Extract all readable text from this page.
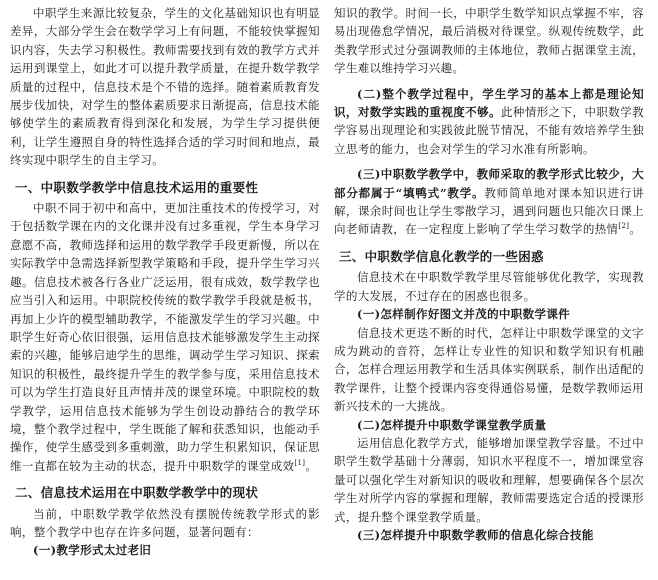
中职学生来源比较复杂，学生的文化基础知识也有明显差异，大部分学生会在数学学习上有问题，不能较快掌握知识内容，失去学习积极性。教师需要找到有效的教学方式并运用到课堂上，如此才可以提升教学质量，在提升数学教学质量的过程中，信息技术是个不错的选择。随着素质教育发展步伐加快，对学生的整体素质要求日渐提高，信息技术能够使学生的素质教育得到深化和发展，为学生学习提供便利，让学生遵照自身的特性选择合适的学习时间和地点，最终实现中职学生的自主学习。

一、中职数学教学中信息技术运用的重要性

中职不同于初中和高中，更加注重技术的传授学习，对于包括数学课在内的文化课并没有过多重视，学生本身学习意愿不高，教师选择和运用的数学教学手段更新慢，所以在实际教学中急需选择新型教学策略和手段，提升学生学习兴趣。信息技术被各行各业广泛运用，很有成效，数学教学也应当引入和运用。中职院校传统的数学教学手段就是板书，再加上少许的模型辅助教学，不能激发学生的学习兴趣。中职学生好奇心依旧很强，运用信息技术能够激发学生主动探索的兴趣，能够启迪学生的思维，调动学生学习知识、探索知识的积极性，最终提升学生的教学参与度，采用信息技术可以为学生打造良好且声情并茂的课堂环境。中职院校的数学教学，运用信息技术能够为学生创设动静结合的教学环境，整个教学过程中，学生既能了解和获悉知识，也能动手操作，使学生感受到多重刺激，助力学生积累知识，保证思维一直都在较为主动的状态，提升中职数学的课堂成效[1]。

二、信息技术运用在中职数学教学中的现状

当前，中职数学教学依然没有摆脱传统教学形式的影响，整个教学中也存在许多问题，显著问题有：

(一)教学形式太过老旧

知识的教学。时间一长，中职学生数学知识点掌握不牢，容易出现倦怠学情况，最后消极对待课堂。纵观传统数学，此类教学形式过分强调教师的主体地位，教师占据课堂主流，学生难以维持学习兴趣。

(二)整个教学过程中，学生学习的基本上都是理论知识，对数学实践的重视度不够。此种情形之下，中职数学教学容易出现理论和实践彼此脱节情况，不能有效培养学生独立思考的能力，也会对学生的学习水准有所影响。

(三)中职数学教学中，教师采取的教学形式比较少，大部分都属于“填鸭式”教学。教师简单地对课本知识进行讲解，课余时间也让学生零散学习，遇到问题也只能次日课上向老师请教，在一定程度上影响了学生学习数学的热情[2]。

三、中职数学信息化教学的一些困惑

信息技术在中职数学教学里尽管能够优化教学，实现教学的大发展，不过存在的困惑也很多。

(一)怎样制作好图文并茂的中职数学课件

信息技术更迭不断的时代，怎样让中职数学课堂的文字成为跳动的音符，怎样让专业性的知识和数学知识有机融合，怎样合理运用教学和生活具体实例联系，制作出适配的教学课件，让整个授课内容变得通俗易懂，是数学教师运用新兴技术的一大挑战。

(二)怎样提升中职数学课堂教学质量

运用信息化教学方式，能够增加课堂教学容量。不过中职学生数学基础十分薄弱，知识水平程度不一，增加课堂容量可以强化学生对新知识的吸收和理解，想要确保各个层次学生对所学内容的掌握和理解，教师需要选定合适的授课形式，提升整个课堂教学质量。

(三)怎样提升中职数学教师的信息化综合技能
